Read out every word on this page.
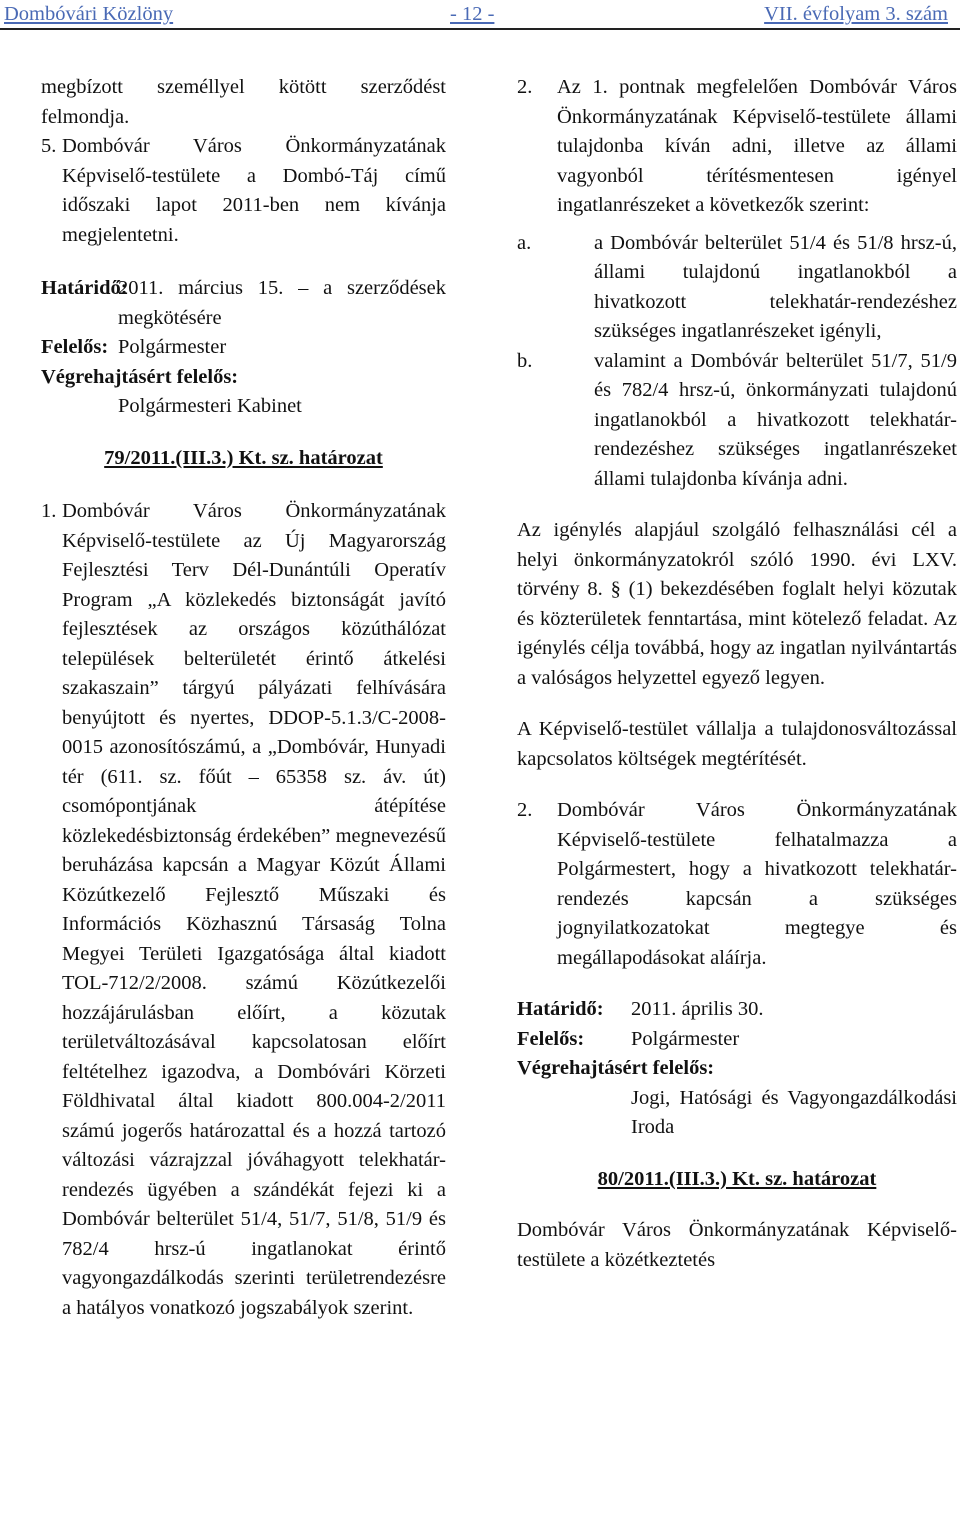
Dombóvári Közlöny	- 12 -	VII. évfolyam 3. szám

megbízott személlyel kötött szerződést felmondja.

5. Dombóvár Város Önkormányzatának Képviselő-testülete a Dombó-Táj című időszaki lapot 2011-ben nem kívánja megjelentetni.

Határidő:

2011. március 15. – a szerződések megkötésére

Felelős: Polgármester

Végrehajtásért felelős:

Polgármesteri Kabinet

79/2011.(III.3.) Kt. sz. határozat

1. Dombóvár Város Önkormányzatának Képviselő-testülete az Új Magyarország Fejlesztési Terv Dél-Dunántúli Operatív Program „A közlekedés biztonságát javító fejlesztések az országos közúthálózat települések belterületét érintő átkelési szakaszain” tárgyú pályázati felhívására benyújtott és nyertes, DDOP-5.1.3/C-2008-0015 azonosítószámú, a „Dombóvár, Hunyadi tér (611. sz. főút – 65358 sz. áv. út) csomópontjának átépítése közlekedésbiztonság érdekében” megnevezésű beruházása kapcsán a Magyar Közút Állami Közútkezelő Fejlesztő Műszaki és Információs Közhasznú Társaság Tolna Megyei Területi Igazgatósága által kiadott TOL-712/2/2008. számú Közútkezelői hozzájárulásban előírt, a közutak területváltozásával kapcsolatosan előírt feltételhez igazodva, a Dombóvári Körzeti Földhivatal által kiadott 800.004-2/2011 számú jogerős határozattal és a hozzá tartozó változási vázrajzzal jóváhagyott telekhatár-rendezés ügyében a szándékát fejezi ki a Dombóvár belterület 51/4, 51/7, 51/8, 51/9 és 782/4 hrsz-ú ingatlanokat érintő vagyongazdálkodás szerinti területrendezésre a hatályos vonatkozó jogszabályok szerint.

2.	Az 1. pontnak megfelelően Dombóvár Város Önkormányzatának Képviselő-testülete állami tulajdonba kíván adni, illetve az állami vagyonból térítésmentesen igényel ingatlanrészeket a következők szerint:

a.	a Dombóvár belterület 51/4 és 51/8 hrsz-ú, állami tulajdonú ingatlanokból a hivatkozott telekhatár-rendezéshez szükséges ingatlanrészeket igényli,

b.	valamint a Dombóvár belterület 51/7, 51/9 és 782/4 hrsz-ú, önkormányzati tulajdonú ingatlanokból a hivatkozott telekhatár-rendezéshez szükséges ingatlanrészeket állami tulajdonba kívánja adni.

Az igénylés alapjául szolgáló felhasználási cél a helyi önkormányzatokról szóló 1990. évi LXV. törvény 8. § (1) bekezdésében foglalt helyi közutak és közterületek fenntartása, mint kötelező feladat. Az igénylés célja továbbá, hogy az ingatlan nyilvántartás a valóságos helyzettel egyező legyen.

A Képviselő-testület vállalja a tulajdonosváltozással kapcsolatos költségek megtérítését.

2.	Dombóvár Város Önkormányzatának Képviselő-testülete felhatalmazza a Polgármestert, hogy a hivatkozott telekhatár-rendezés kapcsán a szükséges jognyilatkozatokat megtegye és megállapodásokat aláírja.

Határidő:	2011. április 30.

Felelős:	Polgármester

Végrehajtásért felelős:

Jogi, Hatósági és Vagyongazdálkodási Iroda

80/2011.(III.3.) Kt. sz. határozat

Dombóvár Város Önkormányzatának Képviselő-testülete a közétkeztetés
